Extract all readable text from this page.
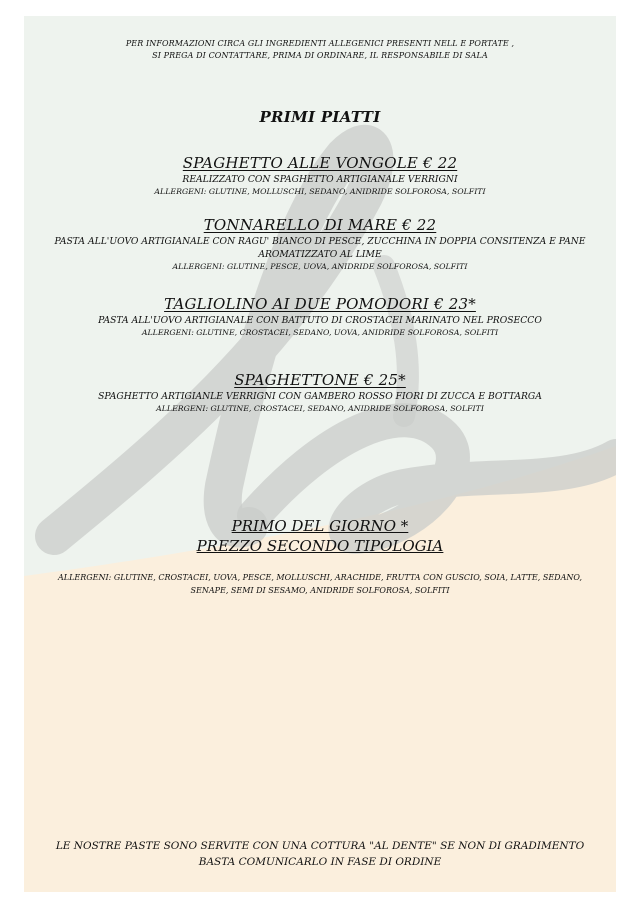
PER INFORMAZIONI CIRCA GLI INGREDIENTI ALLEGENICI PRESENTI NELL E PORTATE ,
SI PREGA DI CONTATTARE, PRIMA DI ORDINARE, IL RESPONSABILE DI SALA
PRIMI PIATTI
SPAGHETTO ALLE VONGOLE € 22
REALIZZATO CON SPAGHETTO ARTIGIANALE VERRIGNI
ALLERGENI: GLUTINE, MOLLUSCHI, SEDANO, ANIDRIDE SOLFOROSA, SOLFITI
TONNARELLO DI MARE € 22
PASTA ALL'UOVO ARTIGIANALE CON RAGU' BIANCO DI PESCE, ZUCCHINA IN DOPPIA CONSITENZA E PANE
AROMATIZZATO AL LIME
ALLERGENI: GLUTINE, PESCE, UOVA, ANIDRIDE SOLFOROSA, SOLFITI
TAGLIOLINO AI DUE POMODORI € 23*
PASTA ALL'UOVO ARTIGIANALE CON BATTUTO DI CROSTACEI MARINATO NEL PROSECCO
ALLERGENI: GLUTINE, CROSTACEI, SEDANO, UOVA, ANIDRIDE SOLFOROSA, SOLFITI
SPAGHETTONE € 25*
SPAGHETTO ARTIGIANLE VERRIGNI CON GAMBERO ROSSO FIORI DI ZUCCA E BOTTARGA
ALLERGENI: GLUTINE, CROSTACEI, SEDANO, ANIDRIDE SOLFOROSA, SOLFITI
PRIMO DEL GIORNO *
PREZZO SECONDO TIPOLOGIA
ALLERGENI: GLUTINE, CROSTACEI, UOVA, PESCE, MOLLUSCHI, ARACHIDE, FRUTTA CON GUSCIO, SOIA, LATTE, SEDANO,
SENAPE, SEMI DI SESAMO, ANIDRIDE SOLFOROSA, SOLFITI
LE NOSTRE PASTE SONO SERVITE CON UNA COTTURA "AL DENTE" SE NON DI GRADIMENTO
BASTA COMUNICARLO IN FASE DI ORDINE
